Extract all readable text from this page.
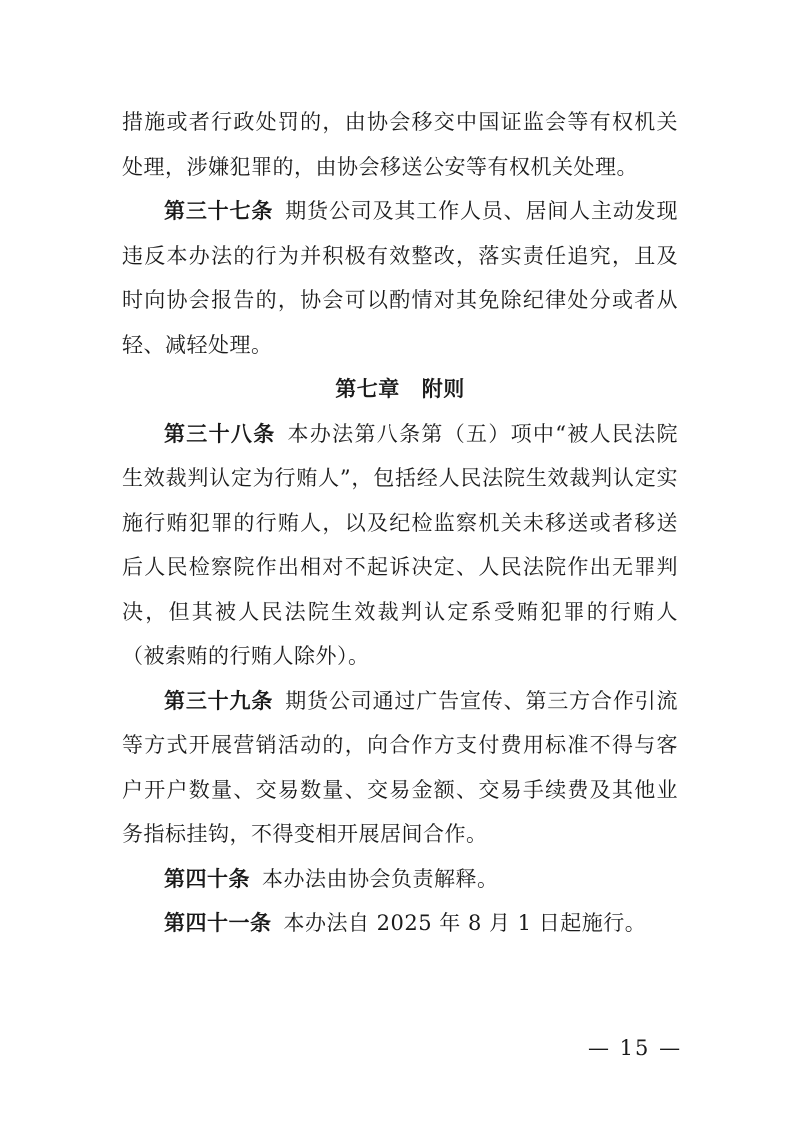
措施或者行政处罚的，由协会移交中国证监会等有权机关处理，涉嫌犯罪的，由协会移送公安等有权机关处理。

第三十七条 期货公司及其工作人员、居间人主动发现违反本办法的行为并积极有效整改，落实责任追究，且及时向协会报告的，协会可以酌情对其免除纪律处分或者从轻、减轻处理。

第七章 附则

第三十八条 本办法第八条第（五）项中“被人民法院生效裁判认定为行贿人”，包括经人民法院生效裁判认定实施行贿犯罪的行贿人，以及纪检监察机关未移送或者移送后人民检察院作出相对不起诉决定、人民法院作出无罪判决，但其被人民法院生效裁判认定系受贿犯罪的行贿人（被索贿的行贿人除外）。

第三十九条 期货公司通过广告宣传、第三方合作引流等方式开展营销活动的，向合作方支付费用标准不得与客户开户数量、交易数量、交易金额、交易手续费及其他业务指标挂钩，不得变相开展居间合作。

第四十条 本办法由协会负责解释。

第四十一条 本办法自 2025 年 8 月 1 日起施行。

— 15 —
